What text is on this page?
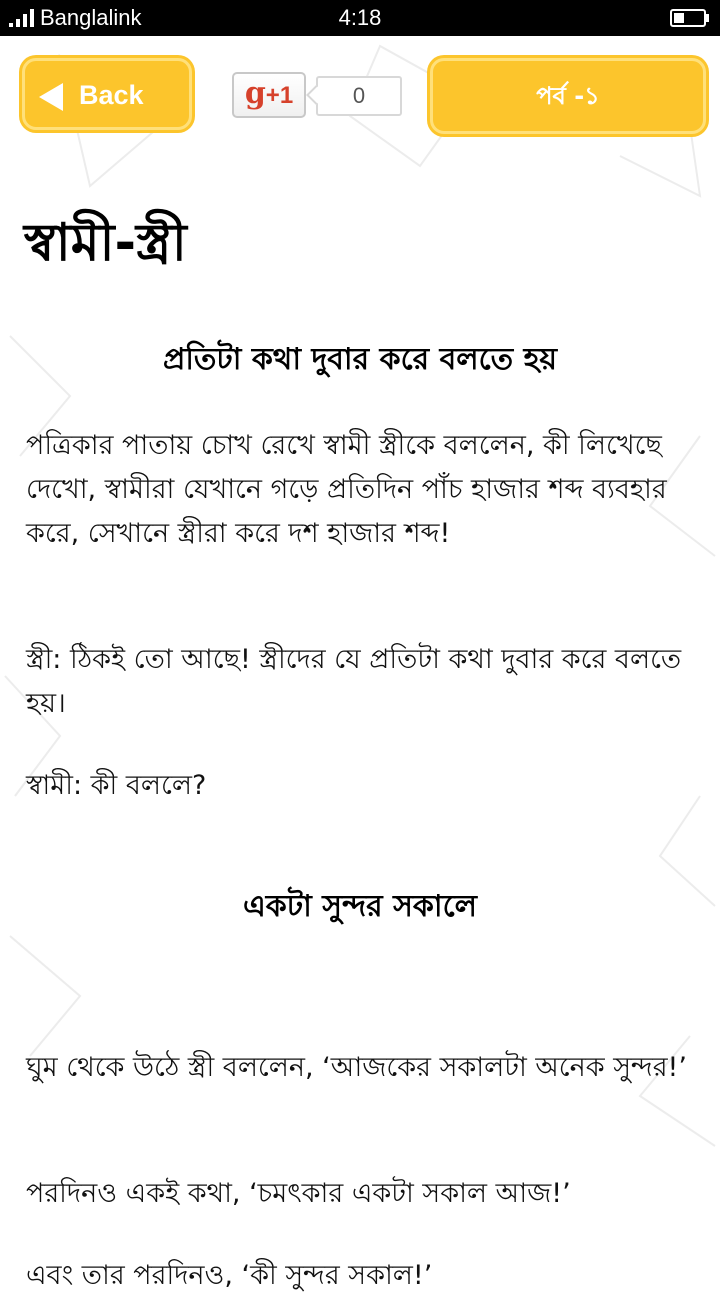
Banglalink	4:18
Back	g+1	0	পর্ব -১
স্বামী-স্ত্রী
প্রতিটা কথা দুবার করে বলতে হয়

পত্রিকার পাতায় চোখ রেখে স্বামী স্ত্রীকে বললেন, কী লিখেছে দেখো, স্বামীরা যেখানে গড়ে প্রতিদিন পাঁচ হাজার শব্দ ব্যবহার করে, সেখানে স্ত্রীরা করে দশ হাজার শব্দ!

স্ত্রী: ঠিকই তো আছে! স্ত্রীদের যে প্রতিটা কথা দুবার করে বলতে হয়।

স্বামী: কী বললে?

একটা সুন্দর সকালে

ঘুম থেকে উঠে স্ত্রী বললেন, ‘আজকের সকালটা অনেক সুন্দর!’

পরদিনও একই কথা, ‘চমৎকার একটা সকাল আজ!’

এবং তার পরদিনও, ‘কী সুন্দর সকাল!’
